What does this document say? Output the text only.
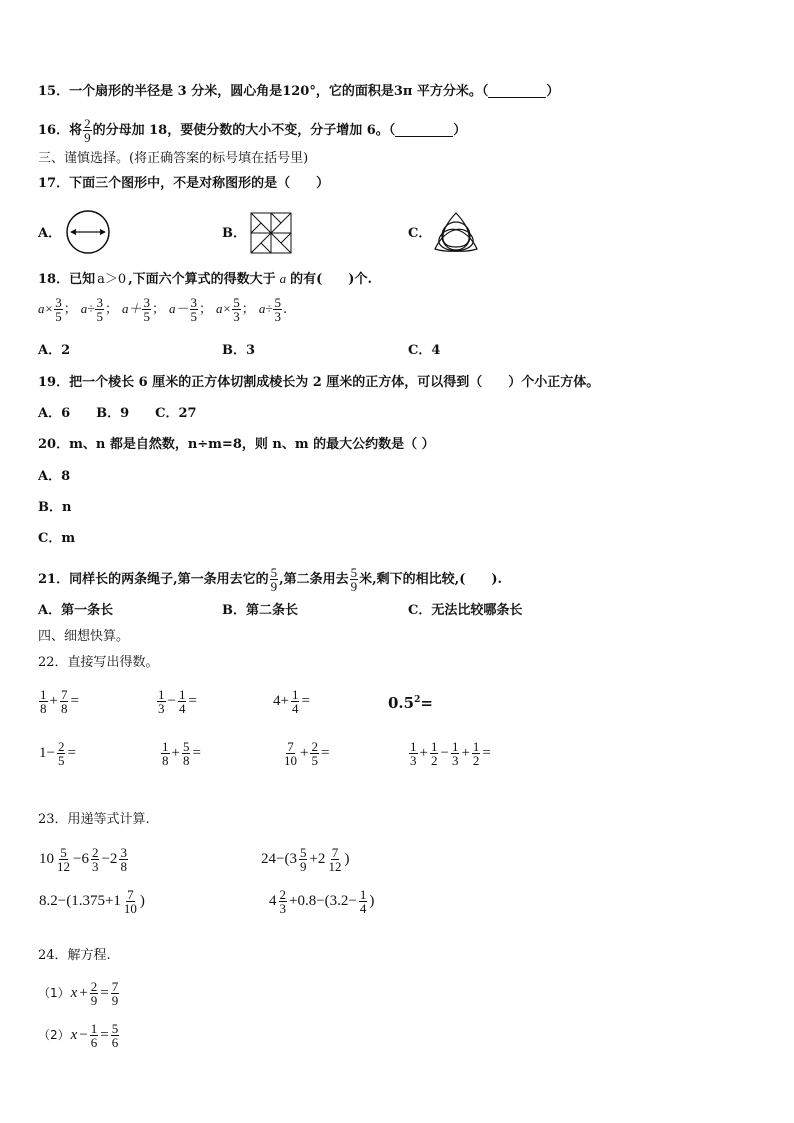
15．一个扇形的半径是 3 分米，圆心角是120°，它的面积是3π 平方分米。（	）
16．将 $\frac{2}{9}$ 的分母加 18，要使分数的大小不变，分子增加 6。（	）
三、谨慎选择。(将正确答案的标号填在括号里)
17．下面三个图形中，不是对称图形的是（　　）
A．	B．	C．
18．已知 a＞0 ,下面六个算式的得数大于 a 的有(　　)个.
$a\times \frac{3}{5}$ ； $a\div \frac{3}{5}$ ； $a+ \frac{3}{5}$ ； $a- \frac{3}{5}$ ； $a\times \frac{5}{3}$ ； $a\div \frac{5}{3}$ .
A．2	B．3	C．4
19．把一个棱长 6 厘米的正方体切割成棱长为 2 厘米的正方体，可以得到（　　）个小正方体。
A．6　　B．9　　C．27
20．m、n 都是自然数，n÷m=8，则 n、m 的最大公约数是（ ）
A．8
B．n
C．m
21．同样长的两条绳子,第一条用去它的 $\frac{5}{9}$ ,第二条用去 $\frac{5}{9}$ 米,剩下的相比较,(　　).
A．第一条长	B．第二条长	C．无法比较哪条长
四、细想快算。
22．直接写出得数。
$\frac{1}{8} + \frac{7}{8}$ =	$\frac{1}{3} - \frac{1}{4}$ =	$4+ \frac{1}{4}$ =	$0.5^2=$
$1- \frac{2}{5}$ =	$\frac{1}{8} + \frac{5}{8}$ =	$\frac{7}{10} + \frac{2}{5}$ =	$\frac{1}{3} + \frac{1}{2} - \frac{1}{3} + \frac{1}{2}$ =
23．用递等式计算.
$10 \frac{5}{12} -6 \frac{2}{3} -2 \frac{3}{8}$	$24-(3 \frac{5}{9} +2 \frac{7}{12}$ )
$8.2-(1.375+1 \frac{7}{10}$ )	$4 \frac{2}{3} +0.8-(3.2- \frac{1}{4}$ )
24．解方程.
$(1)x + \frac{2}{9} = \frac{7}{9}$
$(2)x - \frac{1}{6} = \frac{5}{6}$
